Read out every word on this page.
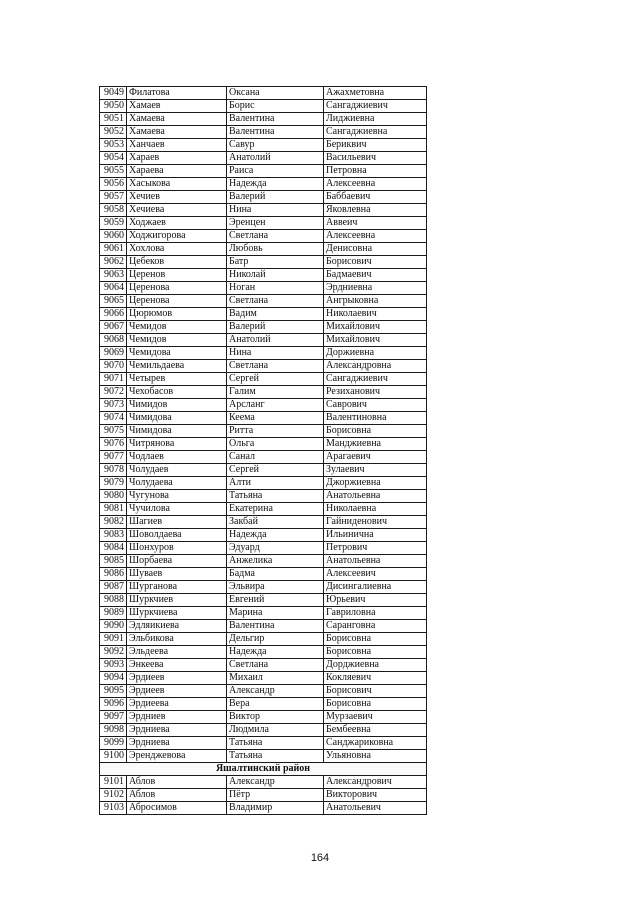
9049	Филатова	Оксана	Ажахметовна
9050	Хамаев	Борис	Сангаджиевич
9051	Хамаева	Валентина	Лиджиевна
9052	Хамаева	Валентина	Сангаджиевна
9053	Ханчаев	Савур	Бериквич
9054	Хараев	Анатолий	Васильевич
9055	Хараева	Раиса	Петровна
9056	Хасыкова	Надежда	Алексеевна
9057	Хечиев	Валерий	Баббаевич
9058	Хечиева	Нина	Яковлевна
9059	Ходжаев	Эренцен	Аввеич
9060	Ходжигорова	Светлана	Алексеевна
9061	Хохлова	Любовь	Денисовна
9062	Цебеков	Батр	Борисович
9063	Церенов	Николай	Бадмаевич
9064	Церенова	Ноган	Эрдниевна
9065	Церенова	Светлана	Ангрыковна
9066	Цюрюмов	Вадим	Николаевич
9067	Чемидов	Валерий	Михайлович
9068	Чемидов	Анатолий	Михайлович
9069	Чемидова	Нина	Доржиевна
9070	Чемильдаева	Светлана	Александровна
9071	Четырев	Сергей	Сангаджиевич
9072	Чехобасов	Галим	Резиханович
9073	Чимидов	Арсланг	Саврович
9074	Чимидова	Кеема	Валентиновна
9075	Чимидова	Ритта	Борисовна
9076	Читрянова	Ольга	Манджиевна
9077	Чодлаев	Санал	Арагаевич
9078	Чолудаев	Сергей	Зулаевич
9079	Чолудаева	Алти	Джоржиевна
9080	Чугунова	Татьяна	Анатольевна
9081	Чучилова	Екатерина	Николаевна
9082	Шагиев	Закбай	Гайниденович
9083	Шоволдаева	Надежда	Ильинична
9084	Шонхуров	Эдуард	Петрович
9085	Шорбаева	Анжелика	Анатольевна
9086	Шуваев	Бадма	Алексеевич
9087	Шурганова	Эльвира	Дисингалиевна
9088	Шуркчиев	Евгений	Юрьевич
9089	Шуркчиева	Марина	Гавриловна
9090	Эдляикиева	Валентина	Саранговна
9091	Эльбикова	Дельгир	Борисовна
9092	Эльдеева	Надежда	Борисовна
9093	Энкеева	Светлана	Дорджиевна
9094	Эрдиеев	Михаил	Кокляевич
9095	Эрдиеев	Александр	Борисович
9096	Эрдиеева	Вера	Борисовна
9097	Эрдниев	Виктор	Мурзаевич
9098	Эрдниева	Людмила	Бембеевна
9099	Эрдниева	Татьяна	Санджариковна
9100	Эренджевова	Татьяна	Ульяновна
Яшалтинский район			
9101	Аблов	Александр	Александрович
9102	Аблов	Пётр	Викторович
9103	Абросимов	Владимир	Анатольевич
164
